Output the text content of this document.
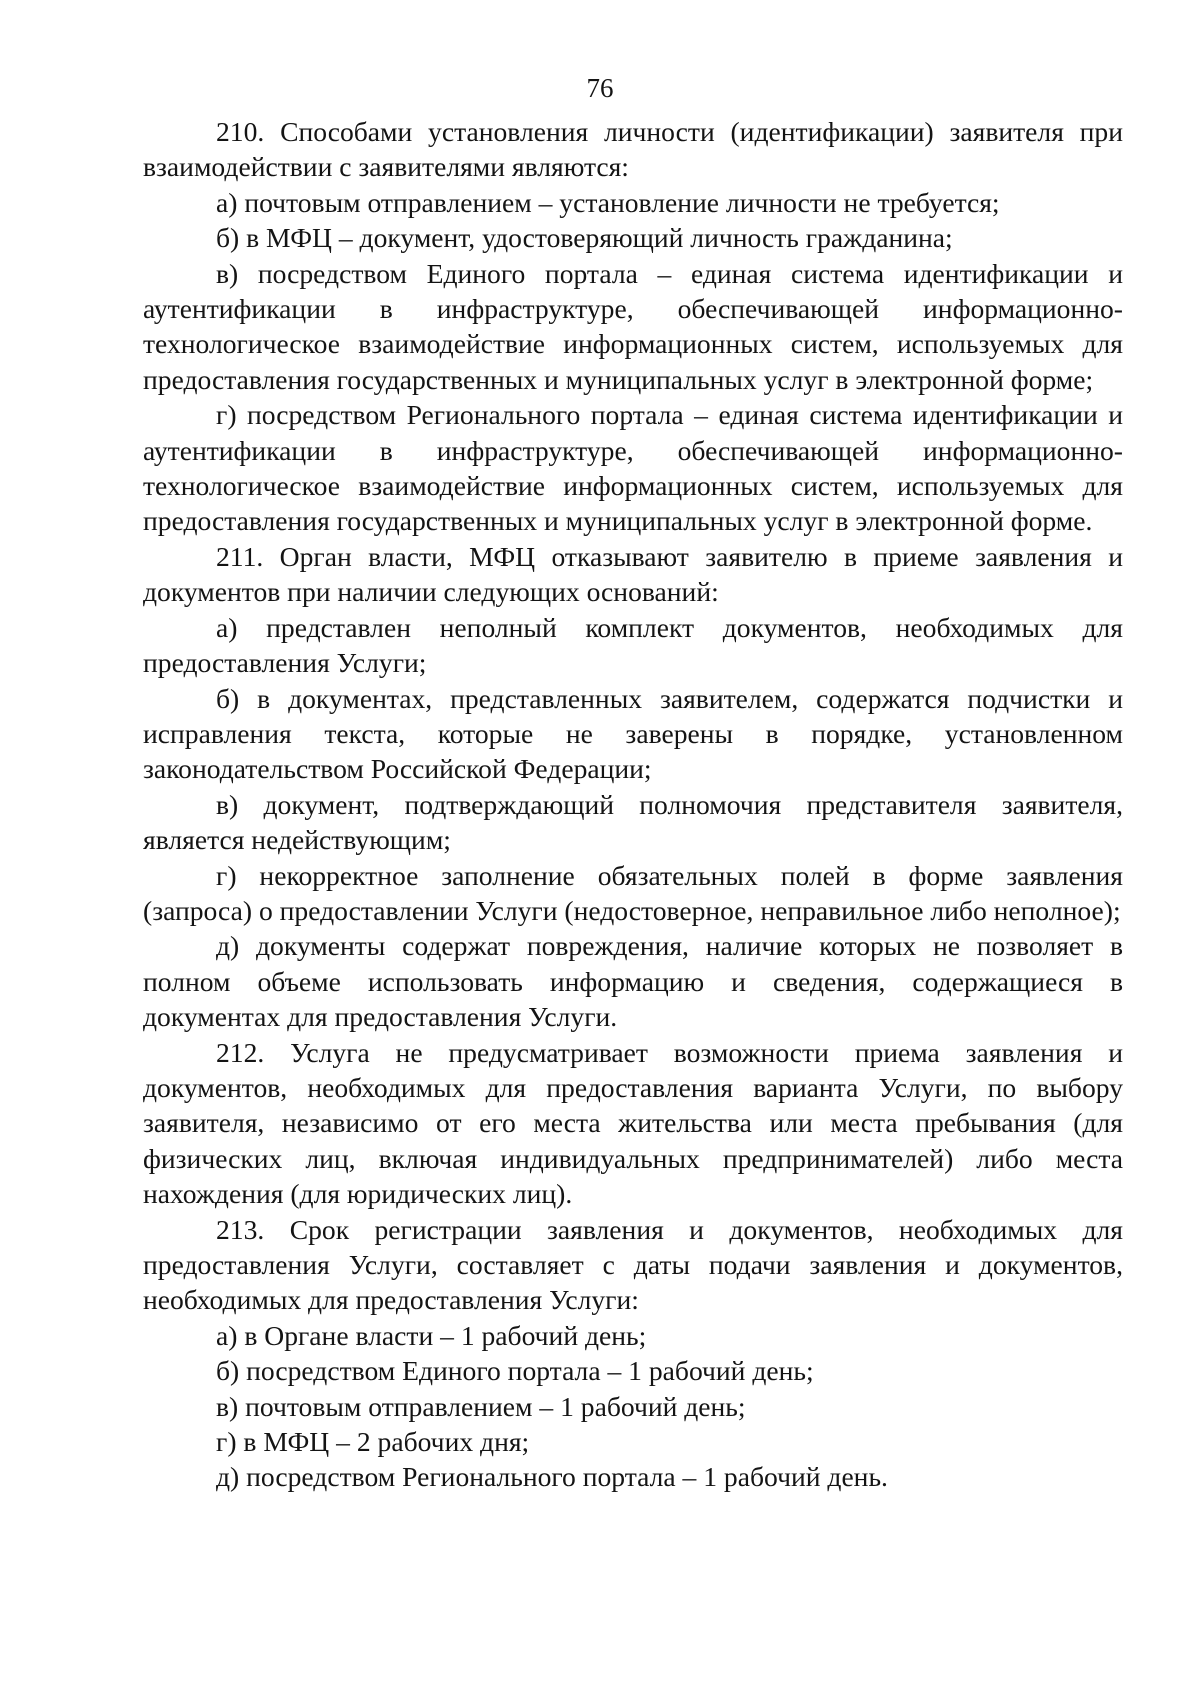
76

210. Способами установления личности (идентификации) заявителя при взаимодействии с заявителями являются:

а) почтовым отправлением – установление личности не требуется;

б) в МФЦ – документ, удостоверяющий личность гражданина;

в) посредством Единого портала – единая система идентификации и аутентификации в инфраструктуре, обеспечивающей информационно-технологическое взаимодействие информационных систем, используемых для предоставления государственных и муниципальных услуг в электронной форме;

г) посредством Регионального портала – единая система идентификации и аутентификации в инфраструктуре, обеспечивающей информационно-технологическое взаимодействие информационных систем, используемых для предоставления государственных и муниципальных услуг в электронной форме.

211. Орган власти, МФЦ отказывают заявителю в приеме заявления и документов при наличии следующих оснований:

а) представлен неполный комплект документов, необходимых для предоставления Услуги;

б) в документах, представленных заявителем, содержатся подчистки и исправления текста, которые не заверены в порядке, установленном законодательством Российской Федерации;

в) документ, подтверждающий полномочия представителя заявителя, является недействующим;

г) некорректное заполнение обязательных полей в форме заявления (запроса) о предоставлении Услуги (недостоверное, неправильное либо неполное);

д) документы содержат повреждения, наличие которых не позволяет в полном объеме использовать информацию и сведения, содержащиеся в документах для предоставления Услуги.

212. Услуга не предусматривает возможности приема заявления и документов, необходимых для предоставления варианта Услуги, по выбору заявителя, независимо от его места жительства или места пребывания (для физических лиц, включая индивидуальных предпринимателей) либо места нахождения (для юридических лиц).

213. Срок регистрации заявления и документов, необходимых для предоставления Услуги, составляет с даты подачи заявления и документов, необходимых для предоставления Услуги:

а) в Органе власти – 1 рабочий день;

б) посредством Единого портала – 1 рабочий день;

в) почтовым отправлением – 1 рабочий день;

г) в МФЦ – 2 рабочих дня;

д) посредством Регионального портала – 1 рабочий день.
